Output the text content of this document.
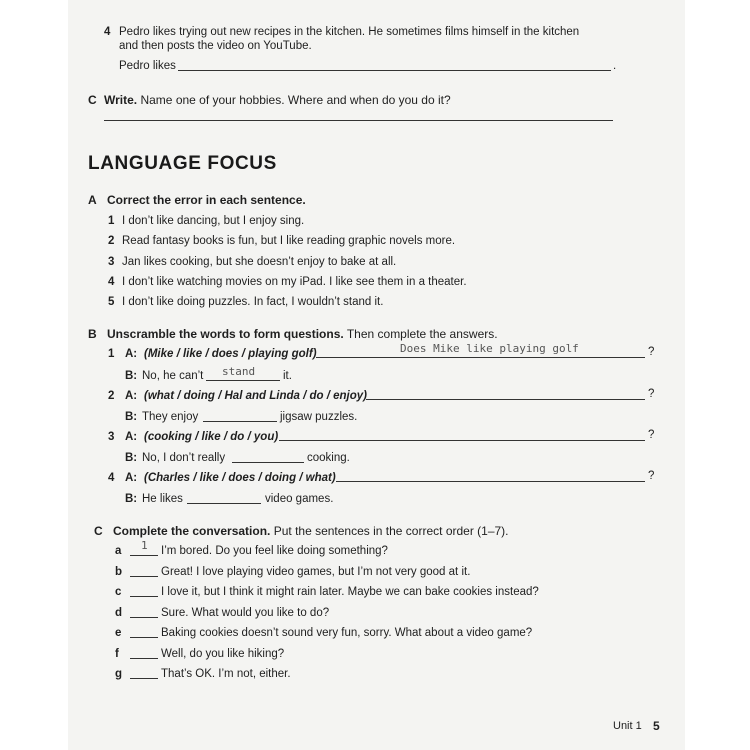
4 Pedro likes trying out new recipes in the kitchen. He sometimes films himself in the kitchen
and then posts the video on YouTube.
Pedro likes	.
C Write. Name one of your hobbies. Where and when do you do it?
LANGUAGE FOCUS
A Correct the error in each sentence.
1 I don’t like dancing, but I enjoy sing.
2 Read fantasy books is fun, but I like reading graphic novels more.
3 Jan likes cooking, but she doesn’t enjoy to bake at all.
4 I don’t like watching movies on my iPad. I like see them in a theater.
5 I don’t like doing puzzles. In fact, I wouldn’t stand it.
B Unscramble the words to form questions. Then complete the answers.
1 A: (Mike / like / does / playing golf)	Does Mike like playing golf	?
B: No, he can’t stand it.
2 A: (what / doing / Hal and Linda / do / enjoy)	?
B: They enjoy	jigsaw puzzles.
3 A: (cooking / like / do / you)	?
B: No, I don’t really	cooking.
4 A: (Charles / like / does / doing / what)	?
B: He likes	video games.
C Complete the conversation. Put the sentences in the correct order (1–7).
a 1 I’m bored. Do you feel like doing something?
b	Great! I love playing video games, but I’m not very good at it.
c	I love it, but I think it might rain later. Maybe we can bake cookies instead?
d	Sure. What would you like to do?
e	Baking cookies doesn’t sound very fun, sorry. What about a video game?
f	Well, do you like hiking?
g	That’s OK. I’m not, either.
Unit 1 5
